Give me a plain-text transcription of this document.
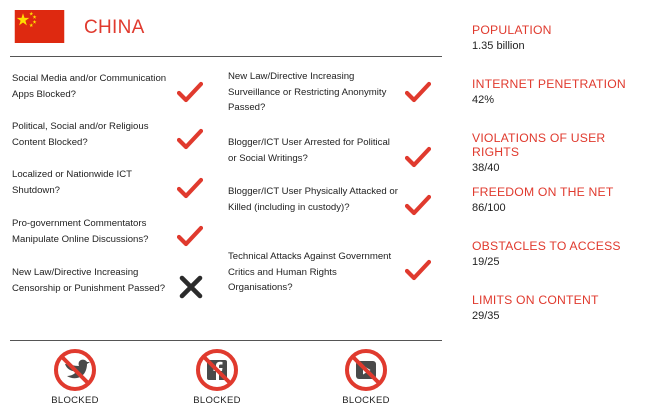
CHINA
Social Media and/or Communication Apps Blocked?
Political, Social and/or Religious Content Blocked?
Localized or Nationwide ICT Shutdown?
Pro-government Commentators Manipulate Online Discussions?
New Law/Directive Increasing Censorship or Punishment Passed?
New Law/Directive Increasing Surveillance or Restricting Anonymity Passed?
Blogger/ICT User Arrested for Political or Social Writings?
Blogger/ICT User Physically Attacked or Killed (including in custody)?
Technical Attacks Against Government Critics and Human Rights Organisations?
BLOCKED	BLOCKED	BLOCKED
POPULATION
1.35 billion
INTERNET PENETRATION
42%
VIOLATIONS OF USER RIGHTS
38/40
FREEDOM ON THE NET
86/100
OBSTACLES TO ACCESS
19/25
LIMITS ON CONTENT
29/35
